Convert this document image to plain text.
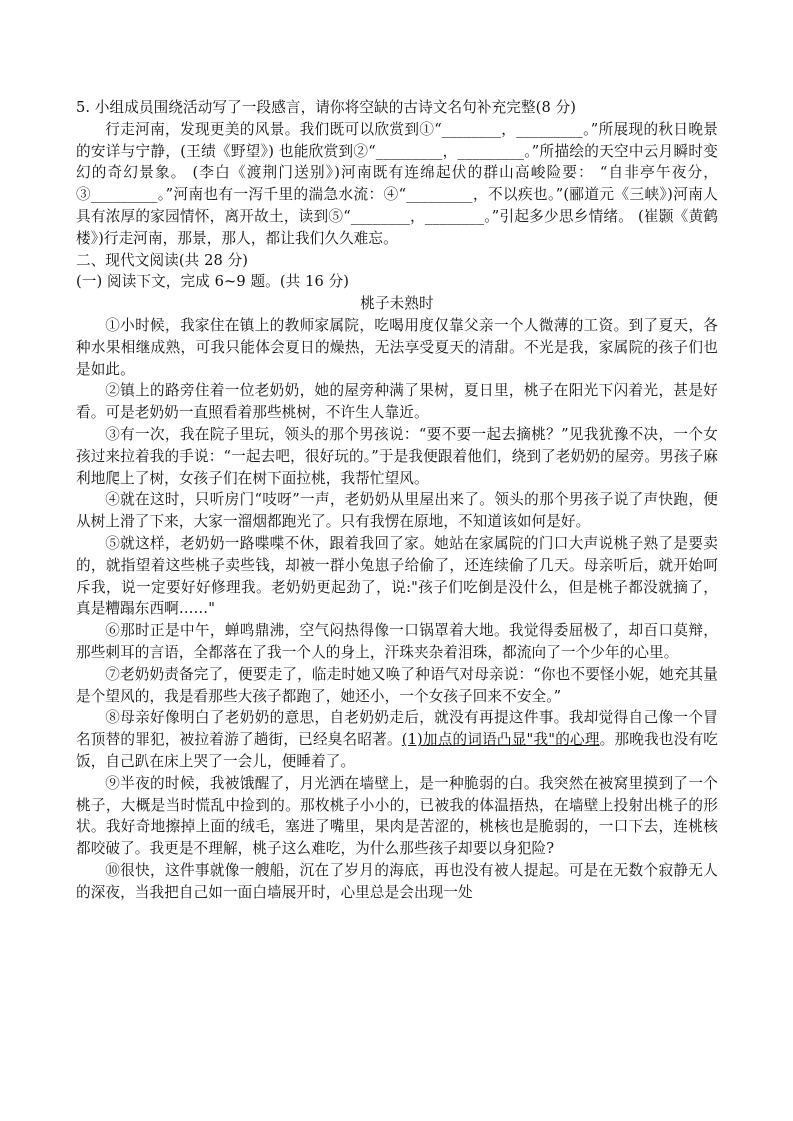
5. 小组成员围绕活动写了一段感言，请你将空缺的古诗文名句补充完整(8 分)

行走河南，发现更美的风景。我们既可以欣赏到①“________，_________。”所展现的秋日晚景的安详与宁静，(王绩《野望》) 也能欣赏到②“_________，_________。”所描绘的天空中云月瞬时变幻的奇幻景象。 (李白《渡荆门送别》)河南既有连绵起伏的群山高峻险要： “自非亭午夜分，③_________。”河南也有一泻千里的湍急水流：④“_________，不以疾也。”(郦道元《三峡》)河南人具有浓厚的家园情怀，离开故土，读到⑤“________，________。”引起多少思乡情绪。 (崔颢《黄鹤楼》)行走河南，那景，那人，都让我们久久难忘。

二、现代文阅读(共 28 分)

(一) 阅读下文，完成 6~9 题。(共 16 分)

桃子未熟时

①小时候，我家住在镇上的教师家属院，吃喝用度仅靠父亲一个人微薄的工资。到了夏天，各种水果相继成熟，可我只能体会夏日的燥热，无法享受夏天的清甜。不光是我，家属院的孩子们也是如此。

②镇上的路旁住着一位老奶奶，她的屋旁种满了果树，夏日里，桃子在阳光下闪着光，甚是好看。可是老奶奶一直照看着那些桃树，不许生人靠近。

③有一次，我在院子里玩，领头的那个男孩说：“要不要一起去摘桃？”见我犹豫不决，一个女孩过来拉着我的手说：“一起去吧，很好玩的。”于是我便跟着他们，绕到了老奶奶的屋旁。男孩子麻利地爬上了树，女孩子们在树下面拉桃，我帮忙望风。

④就在这时，只听房门“吱呀”一声，老奶奶从里屋出来了。领头的那个男孩子说了声快跑，便从树上滑了下来，大家一溜烟都跑光了。只有我愣在原地，不知道该如何是好。

⑤就这样，老奶奶一路喋喋不休，跟着我回了家。她站在家属院的门口大声说桃子熟了是要卖的，就指望着这些桃子卖些钱，却被一群小兔崽子给偷了，还连续偷了几天。母亲听后，就开始呵斥我，说一定要好好修理我。老奶奶更起劲了，说:"孩子们吃倒是没什么，但是桃子都没就摘了，真是糟蹋东西啊……"

⑥那时正是中午，蝉鸣鼎沸，空气闷热得像一口锅罩着大地。我觉得委屈极了，却百口莫辩，那些刺耳的言语，全都落在了我一个人的身上，汗珠夹杂着泪珠，都流向了一个少年的心里。

⑦老奶奶责备完了，便要走了，临走时她又唤了种语气对母亲说：“你也不要怪小妮，她充其量是个望风的，我是看那些大孩子都跑了，她还小，一个女孩子回来不安全。”

⑧母亲好像明白了老奶奶的意思，自老奶奶走后，就没有再提这件事。我却觉得自己像一个冒名顶替的罪犯，被拉着游了趟街，已经臭名昭著。(1)加点的词语凸显"我"的心理。那晚我也没有吃饭，自己趴在床上哭了一会儿，便睡着了。

⑨半夜的时候，我被饿醒了，月光洒在墙壁上，是一种脆弱的白。我突然在被窝里摸到了一个桃子，大概是当时慌乱中捡到的。那枚桃子小小的，已被我的体温捂热，在墙壁上投射出桃子的形状。我好奇地擦掉上面的绒毛，塞进了嘴里，果肉是苦涩的，桃核也是脆弱的，一口下去，连桃核都咬破了。我更是不理解，桃子这么难吃，为什么那些孩子却要以身犯险?

⑩很快，这件事就像一艘船，沉在了岁月的海底，再也没有被人提起。可是在无数个寂静无人的深夜，当我把自己如一面白墙展开时，心里总是会出现一处
